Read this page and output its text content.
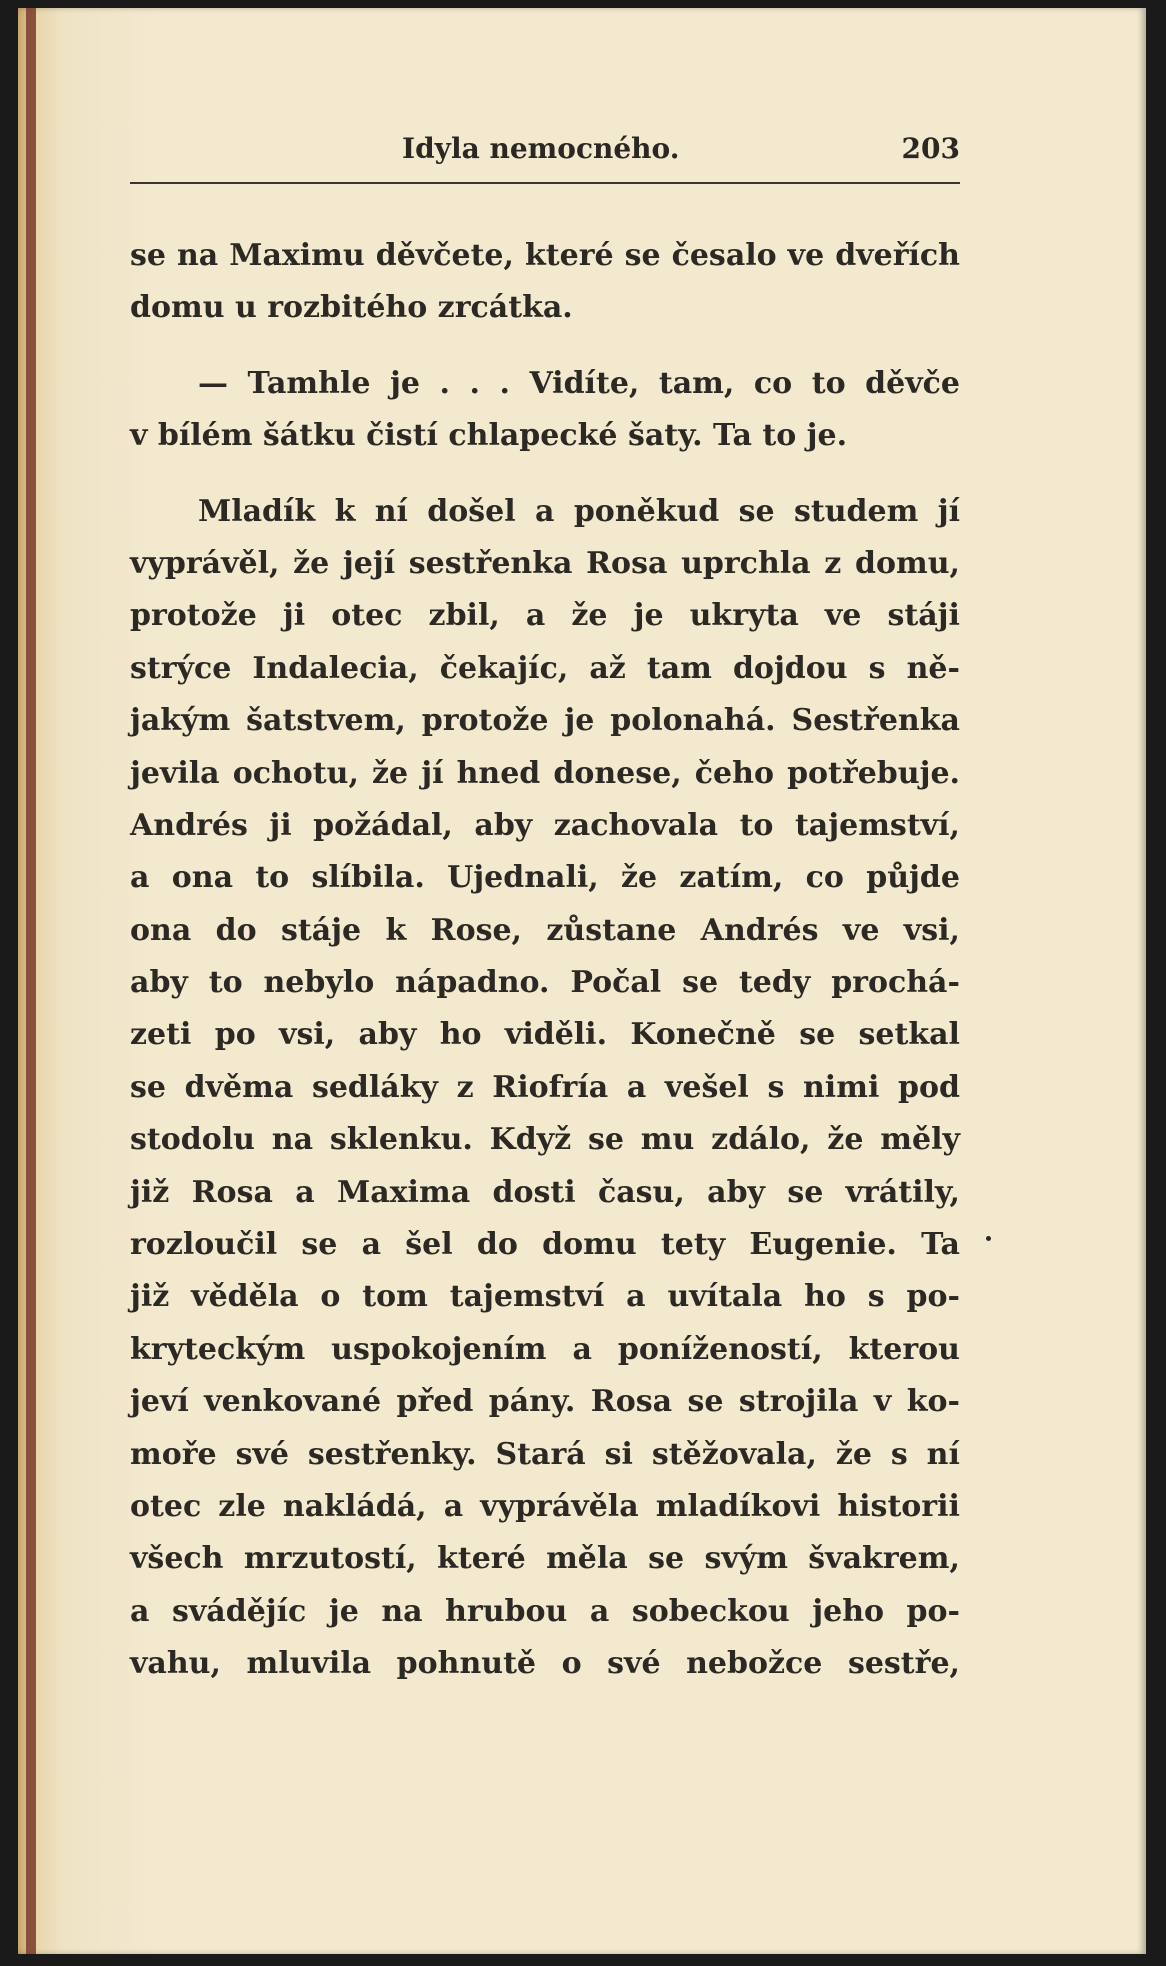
Idyla nemocného.	203
se na Maximu děvčete, které se česalo ve dveřích
domu u rozbitého zrcátka.
— Tamhle je . . . Vidíte, tam, co to děvče
v bílém šátku čistí chlapecké šaty. Ta to je.
Mladík k ní došel a poněkud se studem jí
vyprávěl, že její sestřenka Rosa uprchla z domu,
protože ji otec zbil, a že je ukryta ve stáji
strýce Indalecia, čekajíc, až tam dojdou s ně-
jakým šatstvem, protože je polonahá. Sestřenka
jevila ochotu, že jí hned donese, čeho potřebuje.
Andrés ji požádal, aby zachovala to tajemství,
a ona to slíbila. Ujednali, že zatím, co půjde
ona do stáje k Rose, zůstane Andrés ve vsi,
aby to nebylo nápadno. Počal se tedy prochá-
zeti po vsi, aby ho viděli. Konečně se setkal
se dvěma sedláky z Riofría a vešel s nimi pod
stodolu na sklenku. Když se mu zdálo, že měly
již Rosa a Maxima dosti času, aby se vrátily,
rozloučil se a šel do domu tety Eugenie. Ta
již věděla o tom tajemství a uvítala ho s po-
kryteckým uspokojením a ponížeností, kterou
jeví venkované před pány. Rosa se strojila v ko-
moře své sestřenky. Stará si stěžovala, že s ní
otec zle nakládá, a vyprávěla mladíkovi historii
všech mrzutostí, které měla se svým švakrem,
a svádějíc je na hrubou a sobeckou jeho po-
vahu, mluvila pohnutě o své nebožce sestře,
